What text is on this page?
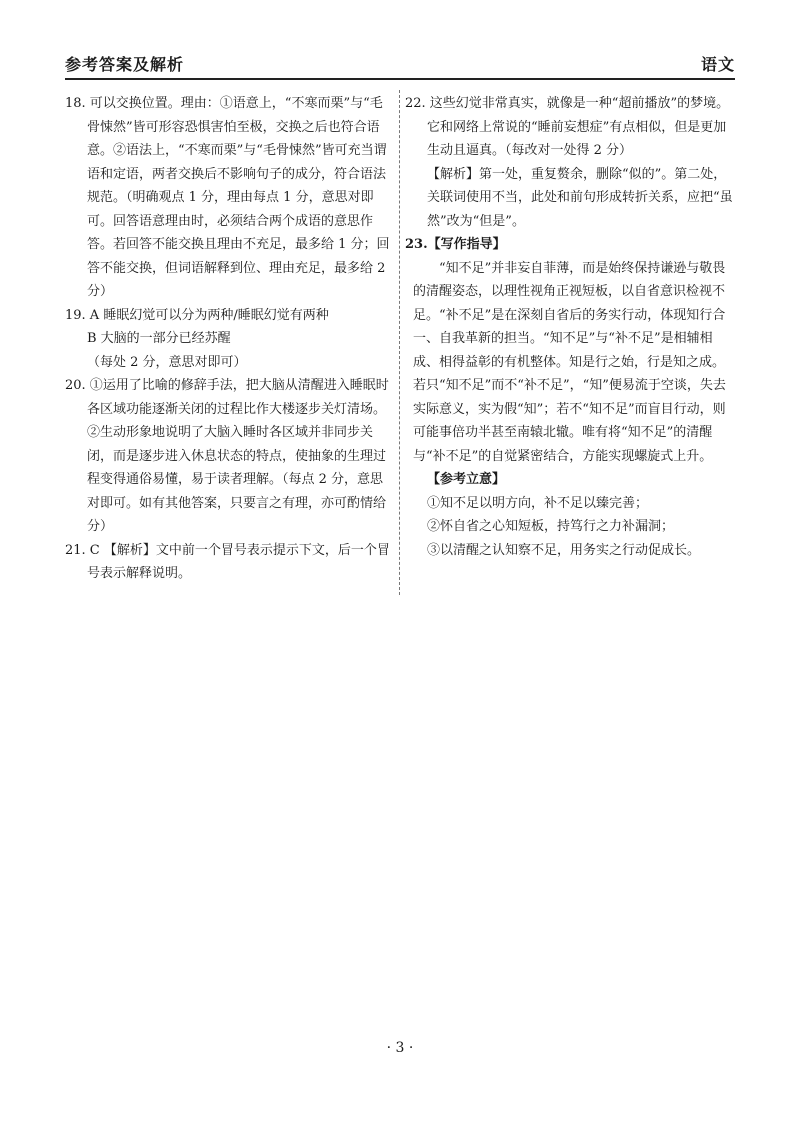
参考答案及解析	语文

18. 可以交换位置。理由：①语意上，“不寒而栗”与“毛骨悚然”皆可形容恐惧害怕至极，交换之后也符合语意。②语法上，“不寒而栗”与“毛骨悚然”皆可充当谓语和定语，两者交换后不影响句子的成分，符合语法规范。（明确观点 1 分，理由每点 1 分，意思对即可。回答语意理由时，必须结合两个成语的意思作答。若回答不能交换且理由不充足，最多给 1 分；回答不能交换，但词语解释到位、理由充足，最多给 2 分）

19. A 睡眠幻觉可以分为两种/睡眠幻觉有两种

B 大脑的一部分已经苏醒

（每处 2 分，意思对即可）

20. ①运用了比喻的修辞手法，把大脑从清醒进入睡眠时各区域功能逐渐关闭的过程比作大楼逐步关灯清场。②生动形象地说明了大脑入睡时各区域并非同步关闭，而是逐步进入休息状态的特点，使抽象的生理过程变得通俗易懂，易于读者理解。（每点 2 分，意思对即可。如有其他答案，只要言之有理，亦可酌情给分）

21. C 【解析】文中前一个冒号表示提示下文，后一个冒号表示解释说明。

22. 这些幻觉非常真实，就像是一种“超前播放”的梦境。它和网络上常说的“睡前妄想症”有点相似，但是更加生动且逼真。（每改对一处得 2 分）

【解析】第一处，重复赘余，删除“似的”。第二处，关联词使用不当，此处和前句形成转折关系，应把“虽然”改为“但是”。

23.【写作指导】

“知不足”并非妄自菲薄，而是始终保持谦逊与敬畏的清醒姿态，以理性视角正视短板，以自省意识检视不足。“补不足”是在深刻自省后的务实行动，体现知行合一、自我革新的担当。“知不足”与“补不足”是相辅相成、相得益彰的有机整体。知是行之始，行是知之成。若只“知不足”而不“补不足”，“知”便易流于空谈，失去实际意义，实为假“知”；若不“知不足”而盲目行动，则可能事倍功半甚至南辕北辙。唯有将“知不足”的清醒与“补不足”的自觉紧密结合，方能实现螺旋式上升。

【参考立意】

①知不足以明方向，补不足以臻完善；

②怀自省之心知短板，持笃行之力补漏洞；

③以清醒之认知察不足，用务实之行动促成长。

· 3 ·
